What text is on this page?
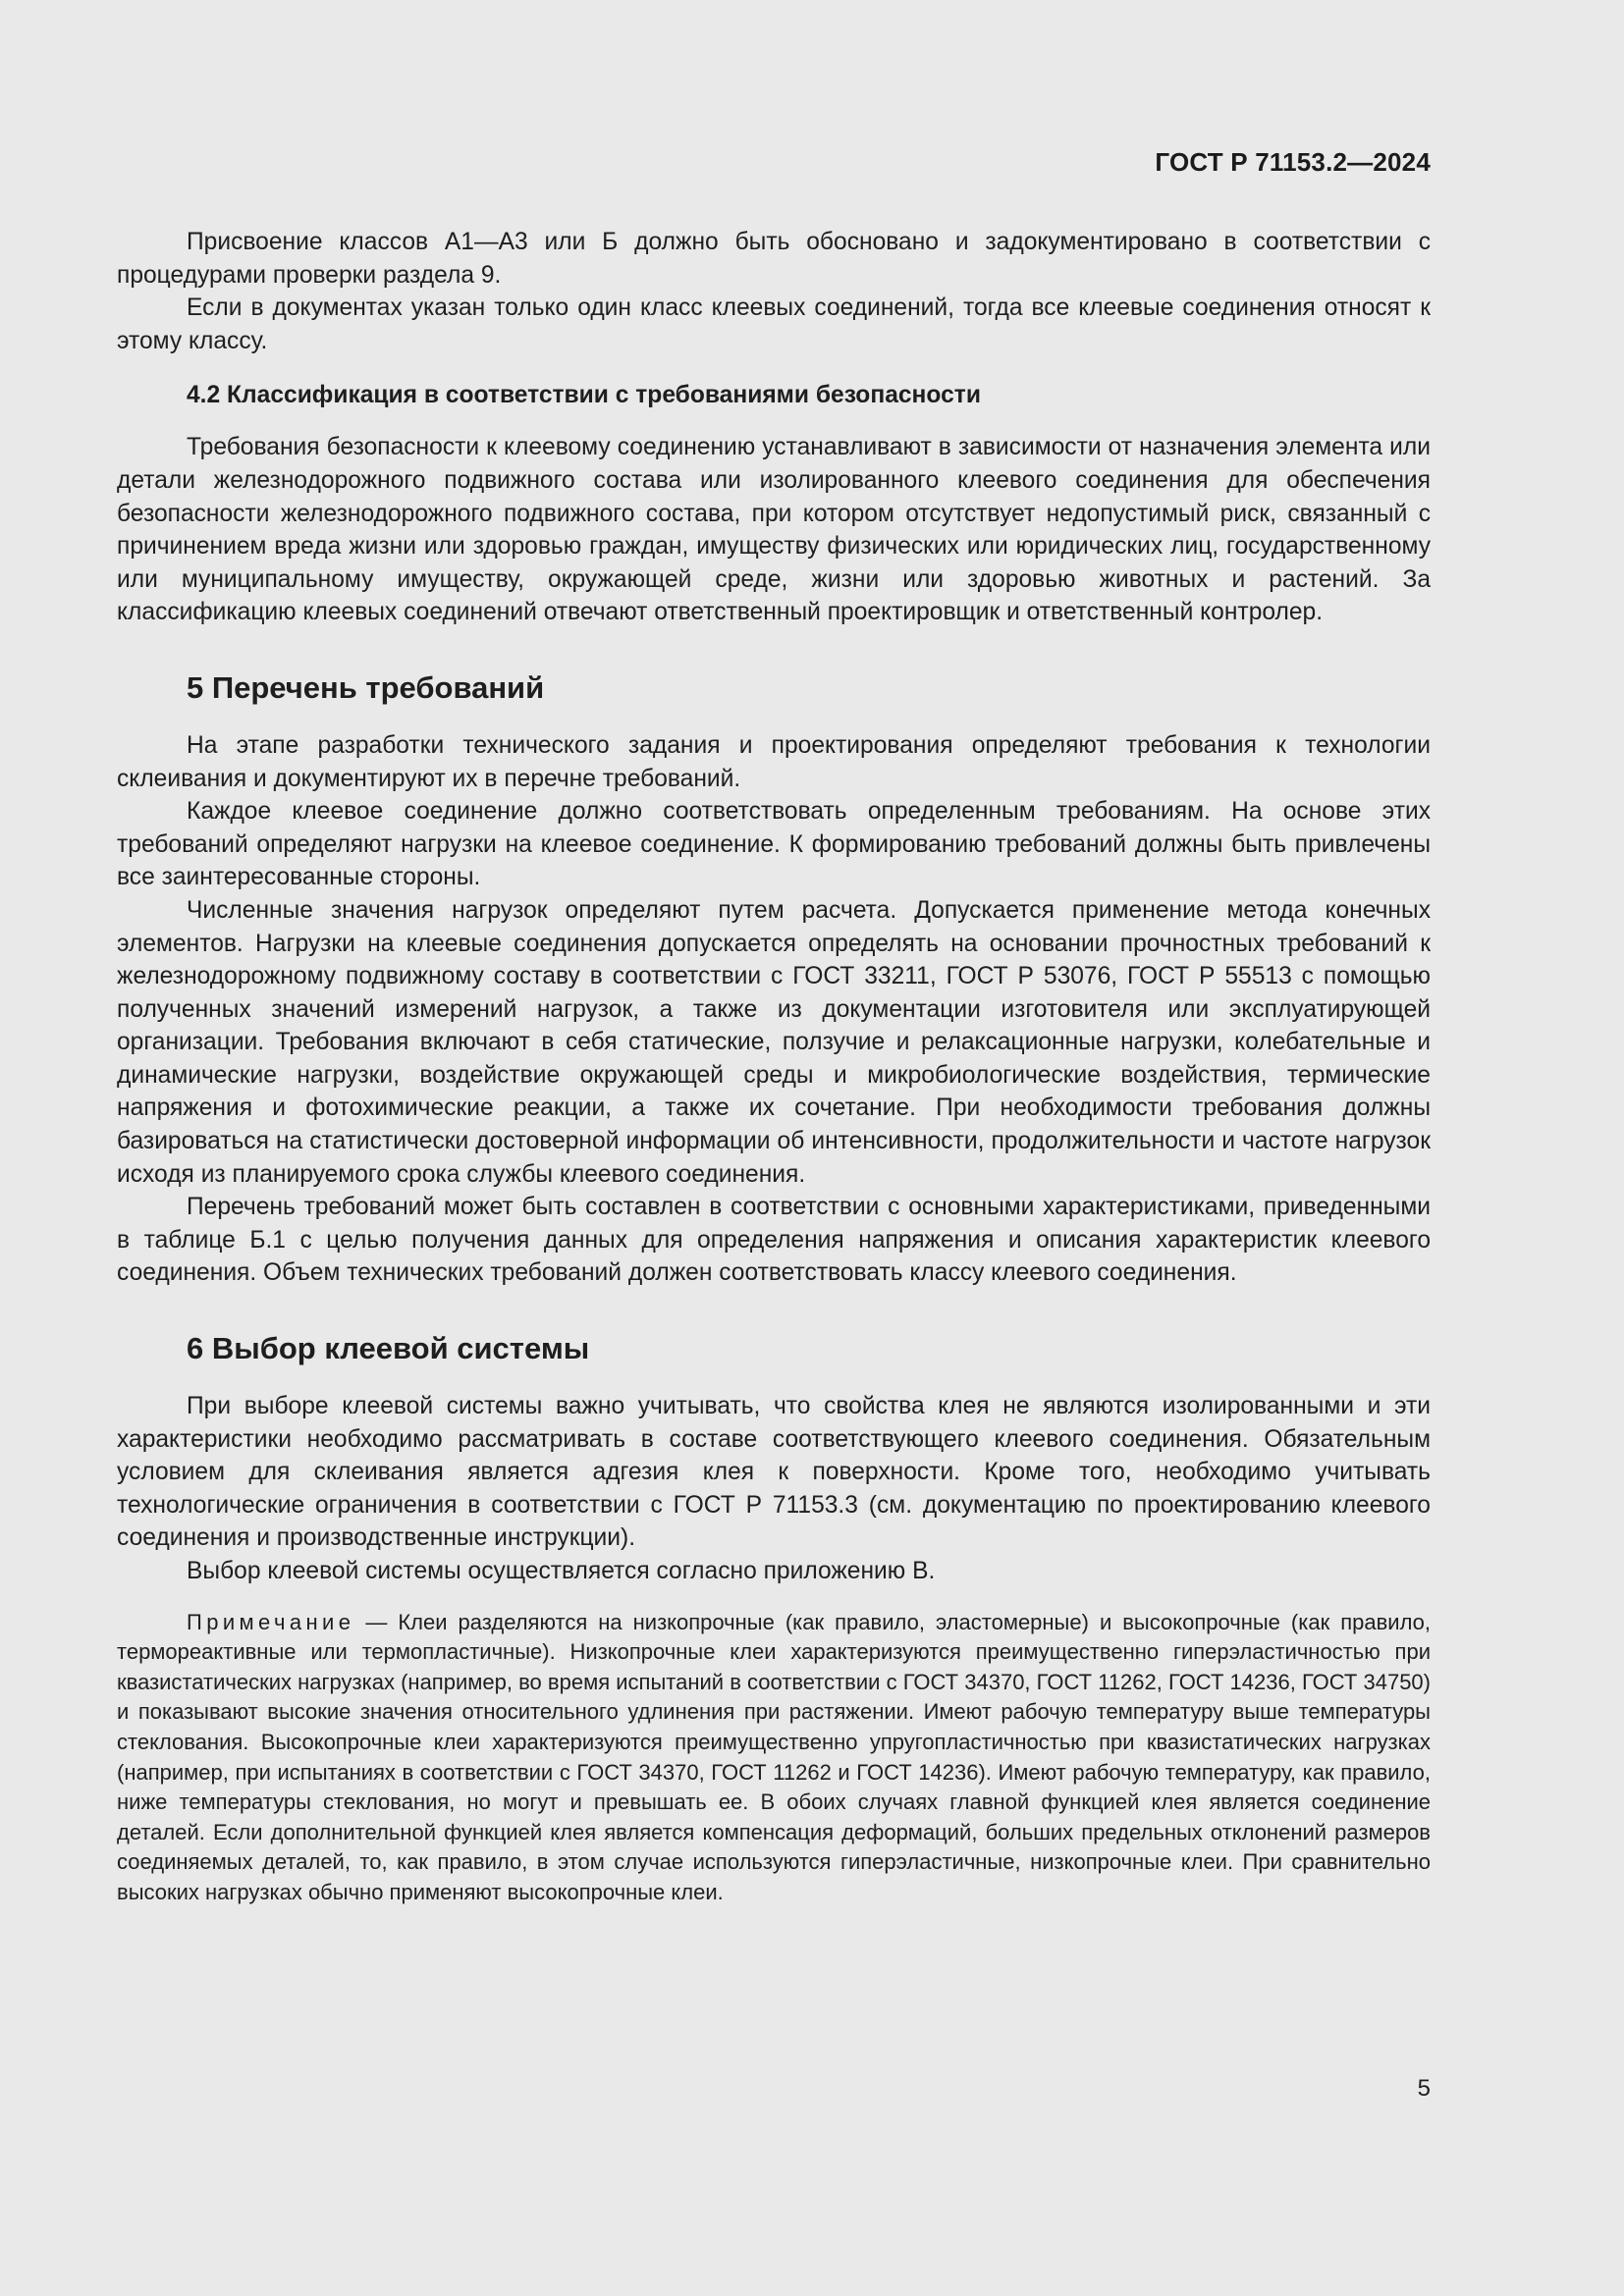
ГОСТ Р 71153.2—2024

Присвоение классов А1—А3 или Б должно быть обосновано и задокументировано в соответствии с процедурами проверки раздела 9.

Если в документах указан только один класс клеевых соединений, тогда все клеевые соединения относят к этому классу.

4.2 Классификация в соответствии с требованиями безопасности

Требования безопасности к клеевому соединению устанавливают в зависимости от назначения элемента или детали железнодорожного подвижного состава или изолированного клеевого соединения для обеспечения безопасности железнодорожного подвижного состава, при котором отсутствует недопустимый риск, связанный с причинением вреда жизни или здоровью граждан, имуществу физических или юридических лиц, государственному или муниципальному имуществу, окружающей среде, жизни или здоровью животных и растений. За классификацию клеевых соединений отвечают ответственный проектировщик и ответственный контролер.

5 Перечень требований

На этапе разработки технического задания и проектирования определяют требования к технологии склеивания и документируют их в перечне требований.

Каждое клеевое соединение должно соответствовать определенным требованиям. На основе этих требований определяют нагрузки на клеевое соединение. К формированию требований должны быть привлечены все заинтересованные стороны.

Численные значения нагрузок определяют путем расчета. Допускается применение метода конечных элементов. Нагрузки на клеевые соединения допускается определять на основании прочностных требований к железнодорожному подвижному составу в соответствии с ГОСТ 33211, ГОСТ Р 53076, ГОСТ Р 55513 с помощью полученных значений измерений нагрузок, а также из документации изготовителя или эксплуатирующей организации. Требования включают в себя статические, ползучие и релаксационные нагрузки, колебательные и динамические нагрузки, воздействие окружающей среды и микробиологические воздействия, термические напряжения и фотохимические реакции, а также их сочетание. При необходимости требования должны базироваться на статистически достоверной информации об интенсивности, продолжительности и частоте нагрузок исходя из планируемого срока службы клеевого соединения.

Перечень требований может быть составлен в соответствии с основными характеристиками, приведенными в таблице Б.1 с целью получения данных для определения напряжения и описания характеристик клеевого соединения. Объем технических требований должен соответствовать классу клеевого соединения.

6 Выбор клеевой системы

При выборе клеевой системы важно учитывать, что свойства клея не являются изолированными и эти характеристики необходимо рассматривать в составе соответствующего клеевого соединения. Обязательным условием для склеивания является адгезия клея к поверхности. Кроме того, необходимо учитывать технологические ограничения в соответствии с ГОСТ Р 71153.3 (см. документацию по проектированию клеевого соединения и производственные инструкции).

Выбор клеевой системы осуществляется согласно приложению В.

Примечание — Клеи разделяются на низкопрочные (как правило, эластомерные) и высокопрочные (как правило, термореактивные или термопластичные). Низкопрочные клеи характеризуются преимущественно гиперэластичностью при квазистатических нагрузках (например, во время испытаний в соответствии с ГОСТ 34370, ГОСТ 11262, ГОСТ 14236, ГОСТ 34750) и показывают высокие значения относительного удлинения при растяжении. Имеют рабочую температуру выше температуры стеклования. Высокопрочные клеи характеризуются преимущественно упругопластичностью при квазистатических нагрузках (например, при испытаниях в соответствии с ГОСТ 34370, ГОСТ 11262 и ГОСТ 14236). Имеют рабочую температуру, как правило, ниже температуры стеклования, но могут и превышать ее. В обоих случаях главной функцией клея является соединение деталей. Если дополнительной функцией клея является компенсация деформаций, больших предельных отклонений размеров соединяемых деталей, то, как правило, в этом случае используются гиперэластичные, низкопрочные клеи. При сравнительно высоких нагрузках обычно применяют высокопрочные клеи.

5
